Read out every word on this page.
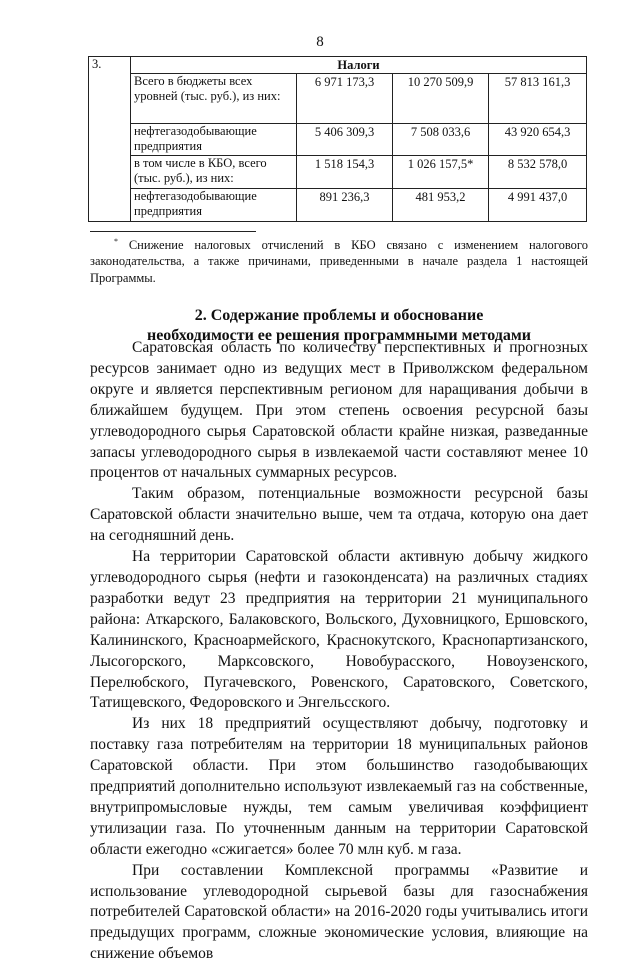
8
3.	Налоги			
	Всего в бюджеты всех уровней (тыс. руб.), из них:	6 971 173,3	10 270 509,9	57 813 161,3
	нефтегазодобывающие предприятия	5 406 309,3	7 508 033,6	43 920 654,3
	в том числе в КБО, всего (тыс. руб.), из них:	1 518 154,3	1 026 157,5*	8 532 578,0
	нефтегазодобывающие предприятия	891 236,3	481 953,2	4 991 437,0
* Снижение налоговых отчислений в КБО связано с изменением налогового законодательства, а также причинами, приведенными в начале раздела 1 настоящей Программы.
2. Содержание проблемы и обоснование
необходимости ее решения программными методами

Саратовская область по количеству перспективных и прогнозных ресурсов занимает одно из ведущих мест в Приволжском федеральном округе и является перспективным регионом для наращивания добычи в ближайшем будущем. При этом степень освоения ресурсной базы углеводородного сырья Саратовской области крайне низкая, разведанные запасы углеводородного сырья в извлекаемой части составляют менее 10 процентов от начальных суммарных ресурсов.

Таким образом, потенциальные возможности ресурсной базы Саратовской области значительно выше, чем та отдача, которую она дает на сегодняшний день.

На территории Саратовской области активную добычу жидкого углеводородного сырья (нефти и газоконденсата) на различных стадиях разработки ведут 23 предприятия на территории 21 муниципального района: Аткарского, Балаковского, Вольского, Духовницкого, Ершовского, Калининского, Красноармейского, Краснокутского, Краснопартизанского, Лысогорского, Марксовского, Новобурасского, Новоузенского, Перелюбского, Пугачевского, Ровенского, Саратовского, Советского, Татищевского, Федоровского и Энгельсского.

Из них 18 предприятий осуществляют добычу, подготовку и поставку газа потребителям на территории 18 муниципальных районов Саратовской области. При этом большинство газодобывающих предприятий дополнительно используют извлекаемый газ на собственные, внутрипромысловые нужды, тем самым увеличивая коэффициент утилизации газа. По уточненным данным на территории Саратовской области ежегодно «сжигается» более 70 млн куб. м газа.

При составлении Комплексной программы «Развитие и использование углеводородной сырьевой базы для газоснабжения потребителей Саратовской области» на 2016-2020 годы учитывались итоги предыдущих программ, сложные экономические условия, влияющие на снижение объемов
